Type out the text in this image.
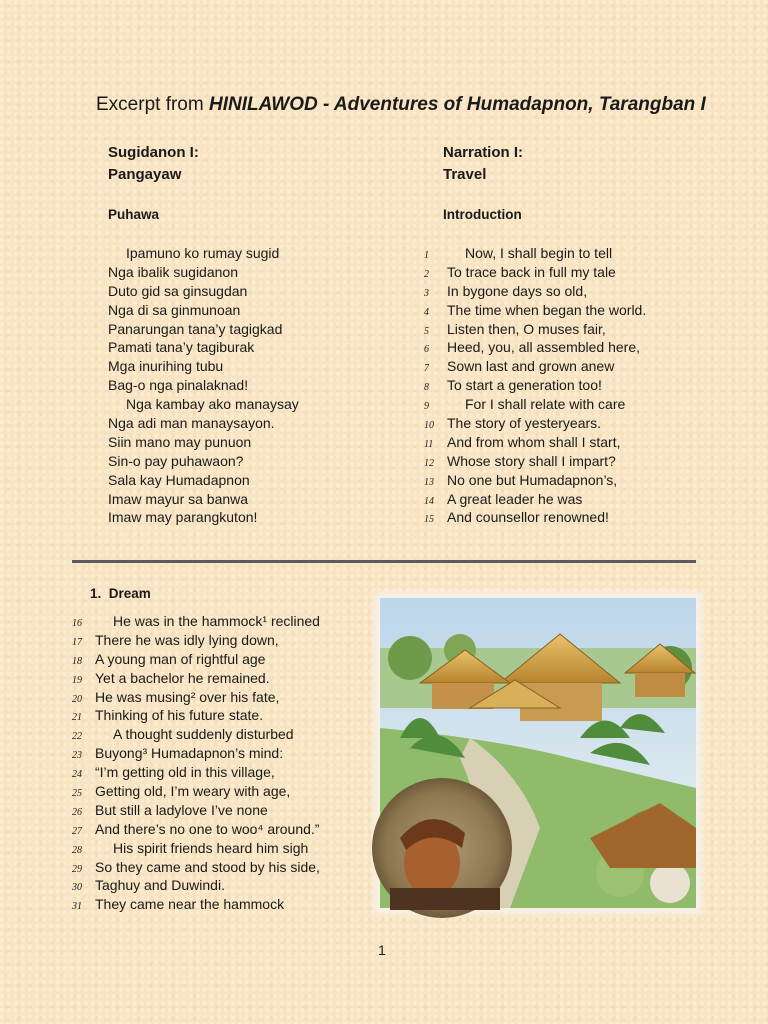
Excerpt from HINILAWOD - Adventures of Humadapnon, Tarangban I
Sugidanon I:
Pangayaw
Puhawa
Ipamuno ko rumay sugid
Nga ibalik sugidanon
Duto gid sa ginsugdan
Nga di sa ginmunoan
Panarungan tana’y tagigkad
Pamati tana’y tagiburak
Mga inurihing tubu
Bag-o nga pinalaknad!
Nga kambay ako manaysay
Nga adi man manaysayon.
Siin mano may punuon
Sin-o pay puhawaon?
Sala kay Humadapnon
Imaw mayur sa banwa
Imaw may parangkuton!
Narration I:
Travel
Introduction
1	Now, I shall begin to tell
2 To trace back in full my tale
3 In bygone days so old,
4 The time when began the world.
5 Listen then, O muses fair,
6 Heed, you, all assembled here,
7 Sown last and grown anew
8 To start a generation too!
9	For I shall relate with care
10 The story of yesteryears.
11 And from whom shall I start,
12 Whose story shall I impart?
13 No one but Humadapnon’s,
14 A great leader he was
15 And counsellor renowned!
1. Dream
16 He was in the hammock¹ reclined
17 There he was idly lying down,
18 A young man of rightful age
19 Yet a bachelor he remained.
20 He was musing² over his fate,
21 Thinking of his future state.
22 A thought suddenly disturbed
23 Buyong³ Humadapnon’s mind:
24 “I’m getting old in this village,
25 Getting old, I’m weary with age,
26 But still a ladylove I’ve none
27 And there’s no one to woo⁴ around.”
28 His spirit friends heard him sigh
29 So they came and stood by his side,
30 Taghuy and Duwindi.
31 They came near the hammock
1
